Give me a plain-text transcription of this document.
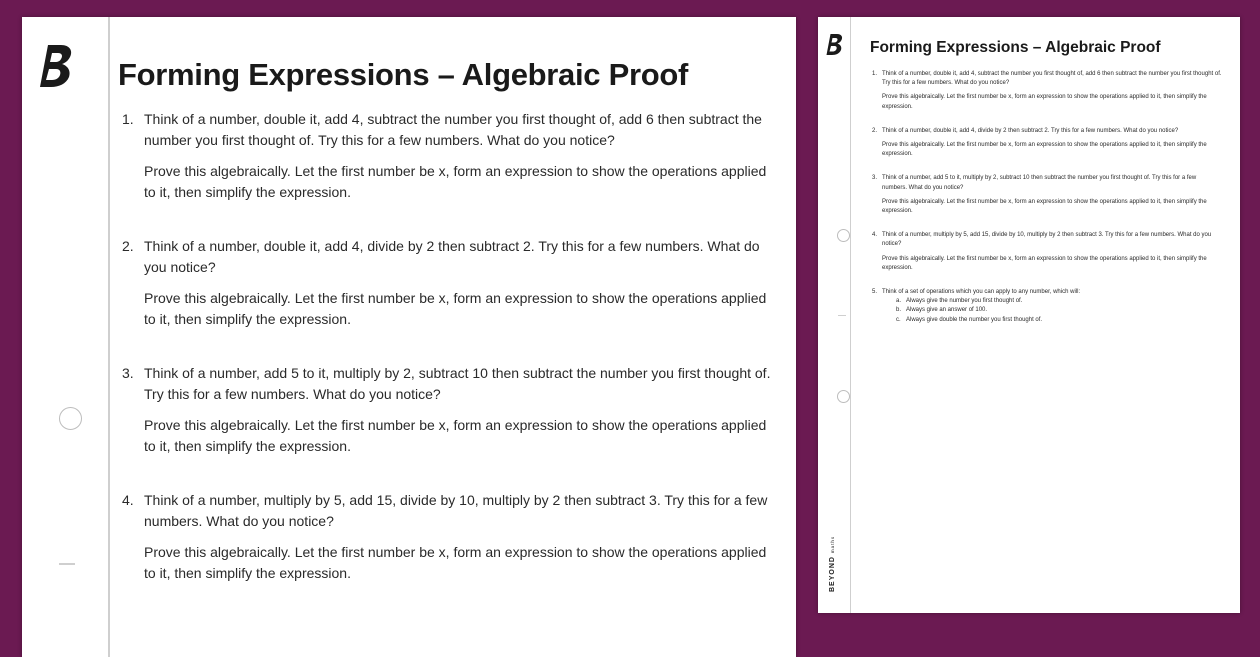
Forming Expressions – Algebraic Proof
1. Think of a number, double it, add 4, subtract the number you first thought of, add 6 then subtract the number you first thought of. Try this for a few numbers. What do you notice?

Prove this algebraically. Let the first number be x, form an expression to show the operations applied to it, then simplify the expression.

2. Think of a number, double it, add 4, divide by 2 then subtract 2. Try this for a few numbers. What do you notice?

Prove this algebraically. Let the first number be x, form an expression to show the operations applied to it, then simplify the expression.

3. Think of a number, add 5 to it, multiply by 2, subtract 10 then subtract the number you first thought of. Try this for a few numbers. What do you notice?

Prove this algebraically. Let the first number be x, form an expression to show the operations applied to it, then simplify the expression.

4. Think of a number, multiply by 5, add 15, divide by 10, multiply by 2 then subtract 3. Try this for a few numbers. What do you notice?

Prove this algebraically. Let the first number be x, form an expression to show the operations applied to it, then simplify the expression.

Forming Expressions – Algebraic Proof
1. Think of a number, double it, add 4, subtract the number you first thought of, add 6 then subtract the number you first thought of. Try this for a few numbers. What do you notice?

Prove this algebraically. Let the first number be x, form an expression to show the operations applied to it, then simplify the expression.

2. Think of a number, double it, add 4, divide by 2 then subtract 2. Try this for a few numbers. What do you notice?

Prove this algebraically. Let the first number be x, form an expression to show the operations applied to it, then simplify the expression.

3. Think of a number, add 5 to it, multiply by 2, subtract 10 then subtract the number you first thought of. Try this for a few numbers. What do you notice?

Prove this algebraically. Let the first number be x, form an expression to show the operations applied to it, then simplify the expression.

4. Think of a number, multiply by 5, add 15, divide by 10, multiply by 2 then subtract 3. Try this for a few numbers. What do you notice?

Prove this algebraically. Let the first number be x, form an expression to show the operations applied to it, then simplify the expression.

5. Think of a set of operations which you can apply to any number, which will:

a. Always give the number you first thought of.
b. Always give an answer of 100.
c. Always give double the number you first thought of.
BEYOND maths
